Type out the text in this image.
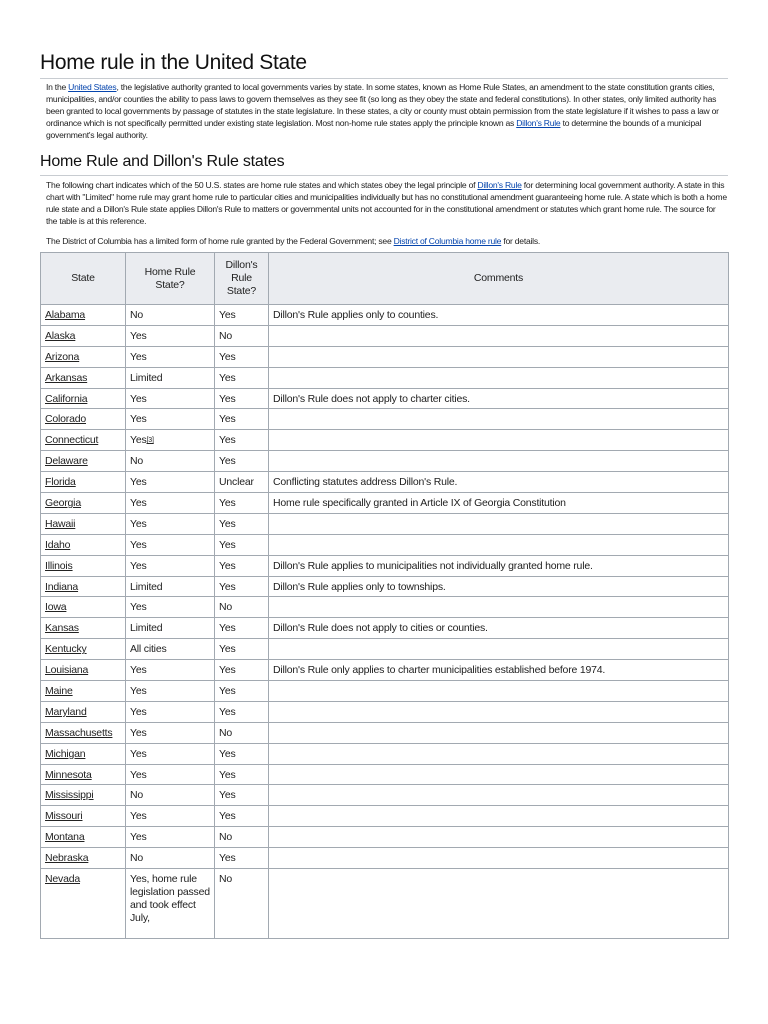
Home rule in the United State

In the United States, the legislative authority granted to local governments varies by state. In some states, known as Home Rule States, an amendment to the state constitution grants cities, municipalities, and/or counties the ability to pass laws to govern themselves as they see fit (so long as they obey the state and federal constitutions). In other states, only limited authority has been granted to local governments by passage of statutes in the state legislature. In these states, a city or county must obtain permission from the state legislature if it wishes to pass a law or ordinance which is not specifically permitted under existing state legislation. Most non-home rule states apply the principle known as Dillon's Rule to determine the bounds of a municipal government's legal authority.

Home Rule and Dillon's Rule states

The following chart indicates which of the 50 U.S. states are home rule states and which states obey the legal principle of Dillon's Rule for determining local government authority. A state in this chart with "Limited" home rule may grant home rule to particular cities and municipalities individually but has no constitutional amendment guaranteeing home rule. A state which is both a home rule state and a Dillon's Rule state applies Dillon's Rule to matters or governmental units not accounted for in the constitutional amendment or statutes which grant home rule. The source for the table is at this reference.

The District of Columbia has a limited form of home rule granted by the Federal Government; see District of Columbia home rule for details.

State	Home Rule State?	Dillon's Rule State?	Comments
Alabama	No	Yes	Dillon's Rule applies only to counties.
Alaska	Yes	No	
Arizona	Yes	Yes	
Arkansas	Limited	Yes	
California	Yes	Yes	Dillon's Rule does not apply to charter cities.
Colorado	Yes	Yes	
Connecticut	Yes[3]	Yes	
Delaware	No	Yes	
Florida	Yes	Unclear	Conflicting statutes address Dillon's Rule.
Georgia	Yes	Yes	Home rule specifically granted in Article IX of Georgia Constitution
Hawaii	Yes	Yes	
Idaho	Yes	Yes	
Illinois	Yes	Yes	Dillon's Rule applies to municipalities not individually granted home rule.
Indiana	Limited	Yes	Dillon's Rule applies only to townships.
Iowa	Yes	No	
Kansas	Limited	Yes	Dillon's Rule does not apply to cities or counties.
Kentucky	All cities	Yes	
Louisiana	Yes	Yes	Dillon's Rule only applies to charter municipalities established before 1974.
Maine	Yes	Yes	
Maryland	Yes	Yes	
Massachusetts	Yes	No	
Michigan	Yes	Yes	
Minnesota	Yes	Yes	
Mississippi	No	Yes	
Missouri	Yes	Yes	
Montana	Yes	No	
Nebraska	No	Yes	
Nevada	Yes, home rule legislation passed and took effect July,	No	
